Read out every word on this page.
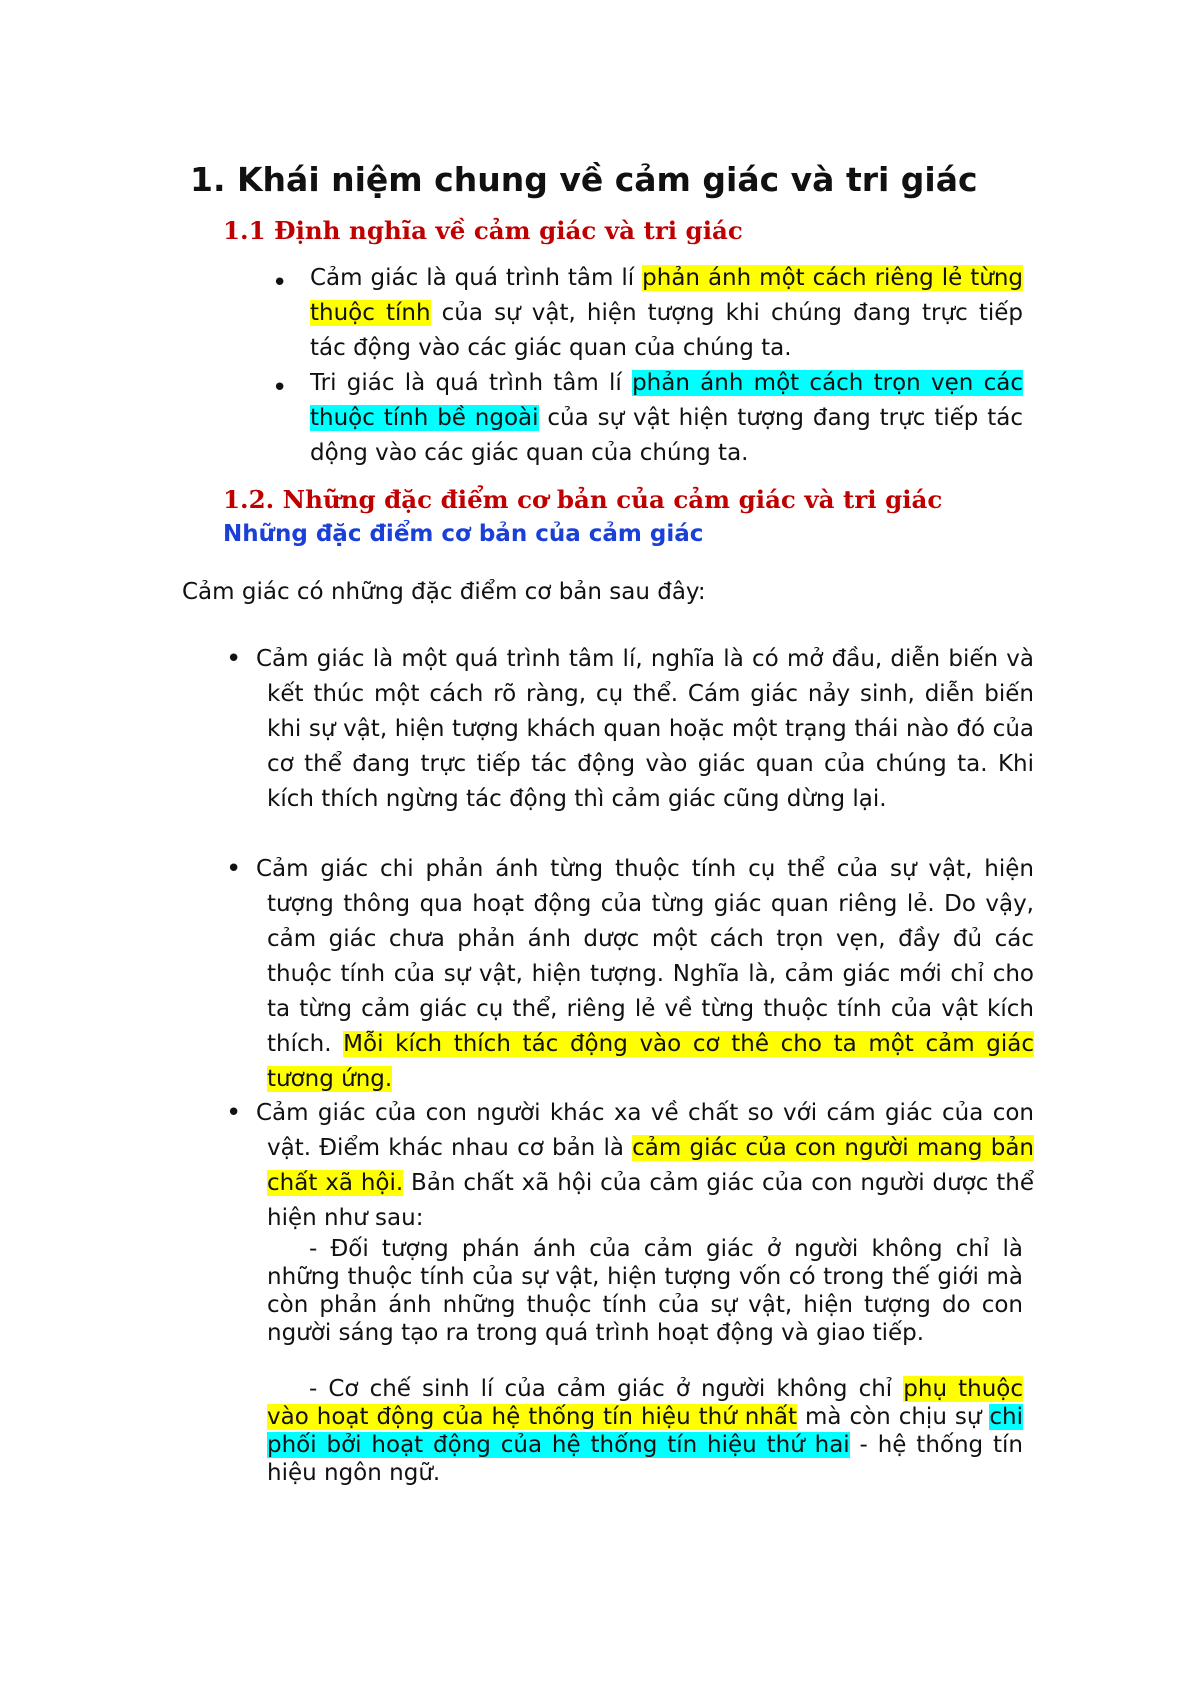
1. Khái niệm chung về cảm giác và tri giác
1.1 Định nghĩa về cảm giác và tri giác
• Cảm giác là quá trình tâm lí phản ánh một cách riêng lẻ từng thuộc tính của sự vật, hiện tượng khi chúng đang trực tiếp tác động vào các giác quan của chúng ta.

• Tri giác là quá trình tâm lí phản ánh một cách trọn vẹn các thuộc tính bề ngoài của sự vật hiện tượng đang trực tiếp tác dộng vào các giác quan của chúng ta.

1.2. Những đặc điểm cơ bản của cảm giác và tri giác
Những đặc điểm cơ bản của cảm giác

Cảm giác có những đặc điểm cơ bản sau đây:

• Cảm giác là một quá trình tâm lí, nghĩa là có mở đầu, diễn biến và kết thúc một cách rõ ràng, cụ thể. Cám giác nảy sinh, diễn biến khi sự vật, hiện tượng khách quan hoặc một trạng thái nào đó của cơ thể đang trực tiếp tác động vào giác quan của chúng ta. Khi kích thích ngừng tác động thì cảm giác cũng dừng lại.

• Cảm giác chi phản ánh từng thuộc tính cụ thể của sự vật, hiện tượng thông qua hoạt động của từng giác quan riêng lẻ. Do vậy, cảm giác chưa phản ánh dược một cách trọn vẹn, đầy đủ các thuộc tính của sự vật, hiện tượng. Nghĩa là, cảm giác mới chỉ cho ta từng cảm giác cụ thể, riêng lẻ về từng thuộc tính của vật kích thích. Mỗi kích thích tác động vào cơ thê cho ta một cảm giác tương ứng.

• Cảm giác của con người khác xa về chất so với cám giác của con vật. Điểm khác nhau cơ bản là cảm giác của con người mang bản chất xã hội. Bản chất xã hội của cảm giác của con người dược thể hiện như sau:

- Đối tượng phán ánh của cảm giác ở người không chỉ là những thuộc tính của sự vật, hiện tượng vốn có trong thế giới mà còn phản ánh những thuộc tính của sự vật, hiện tượng do con người sáng tạo ra trong quá trình hoạt động và giao tiếp.

- Cơ chế sinh lí của cảm giác ở người không chỉ phụ thuộc vào hoạt động của hệ thống tín hiệu thứ nhất mà còn chịu sự chi phối bởi hoạt động của hệ thống tín hiệu thứ hai - hệ thống tín hiệu ngôn ngữ.
